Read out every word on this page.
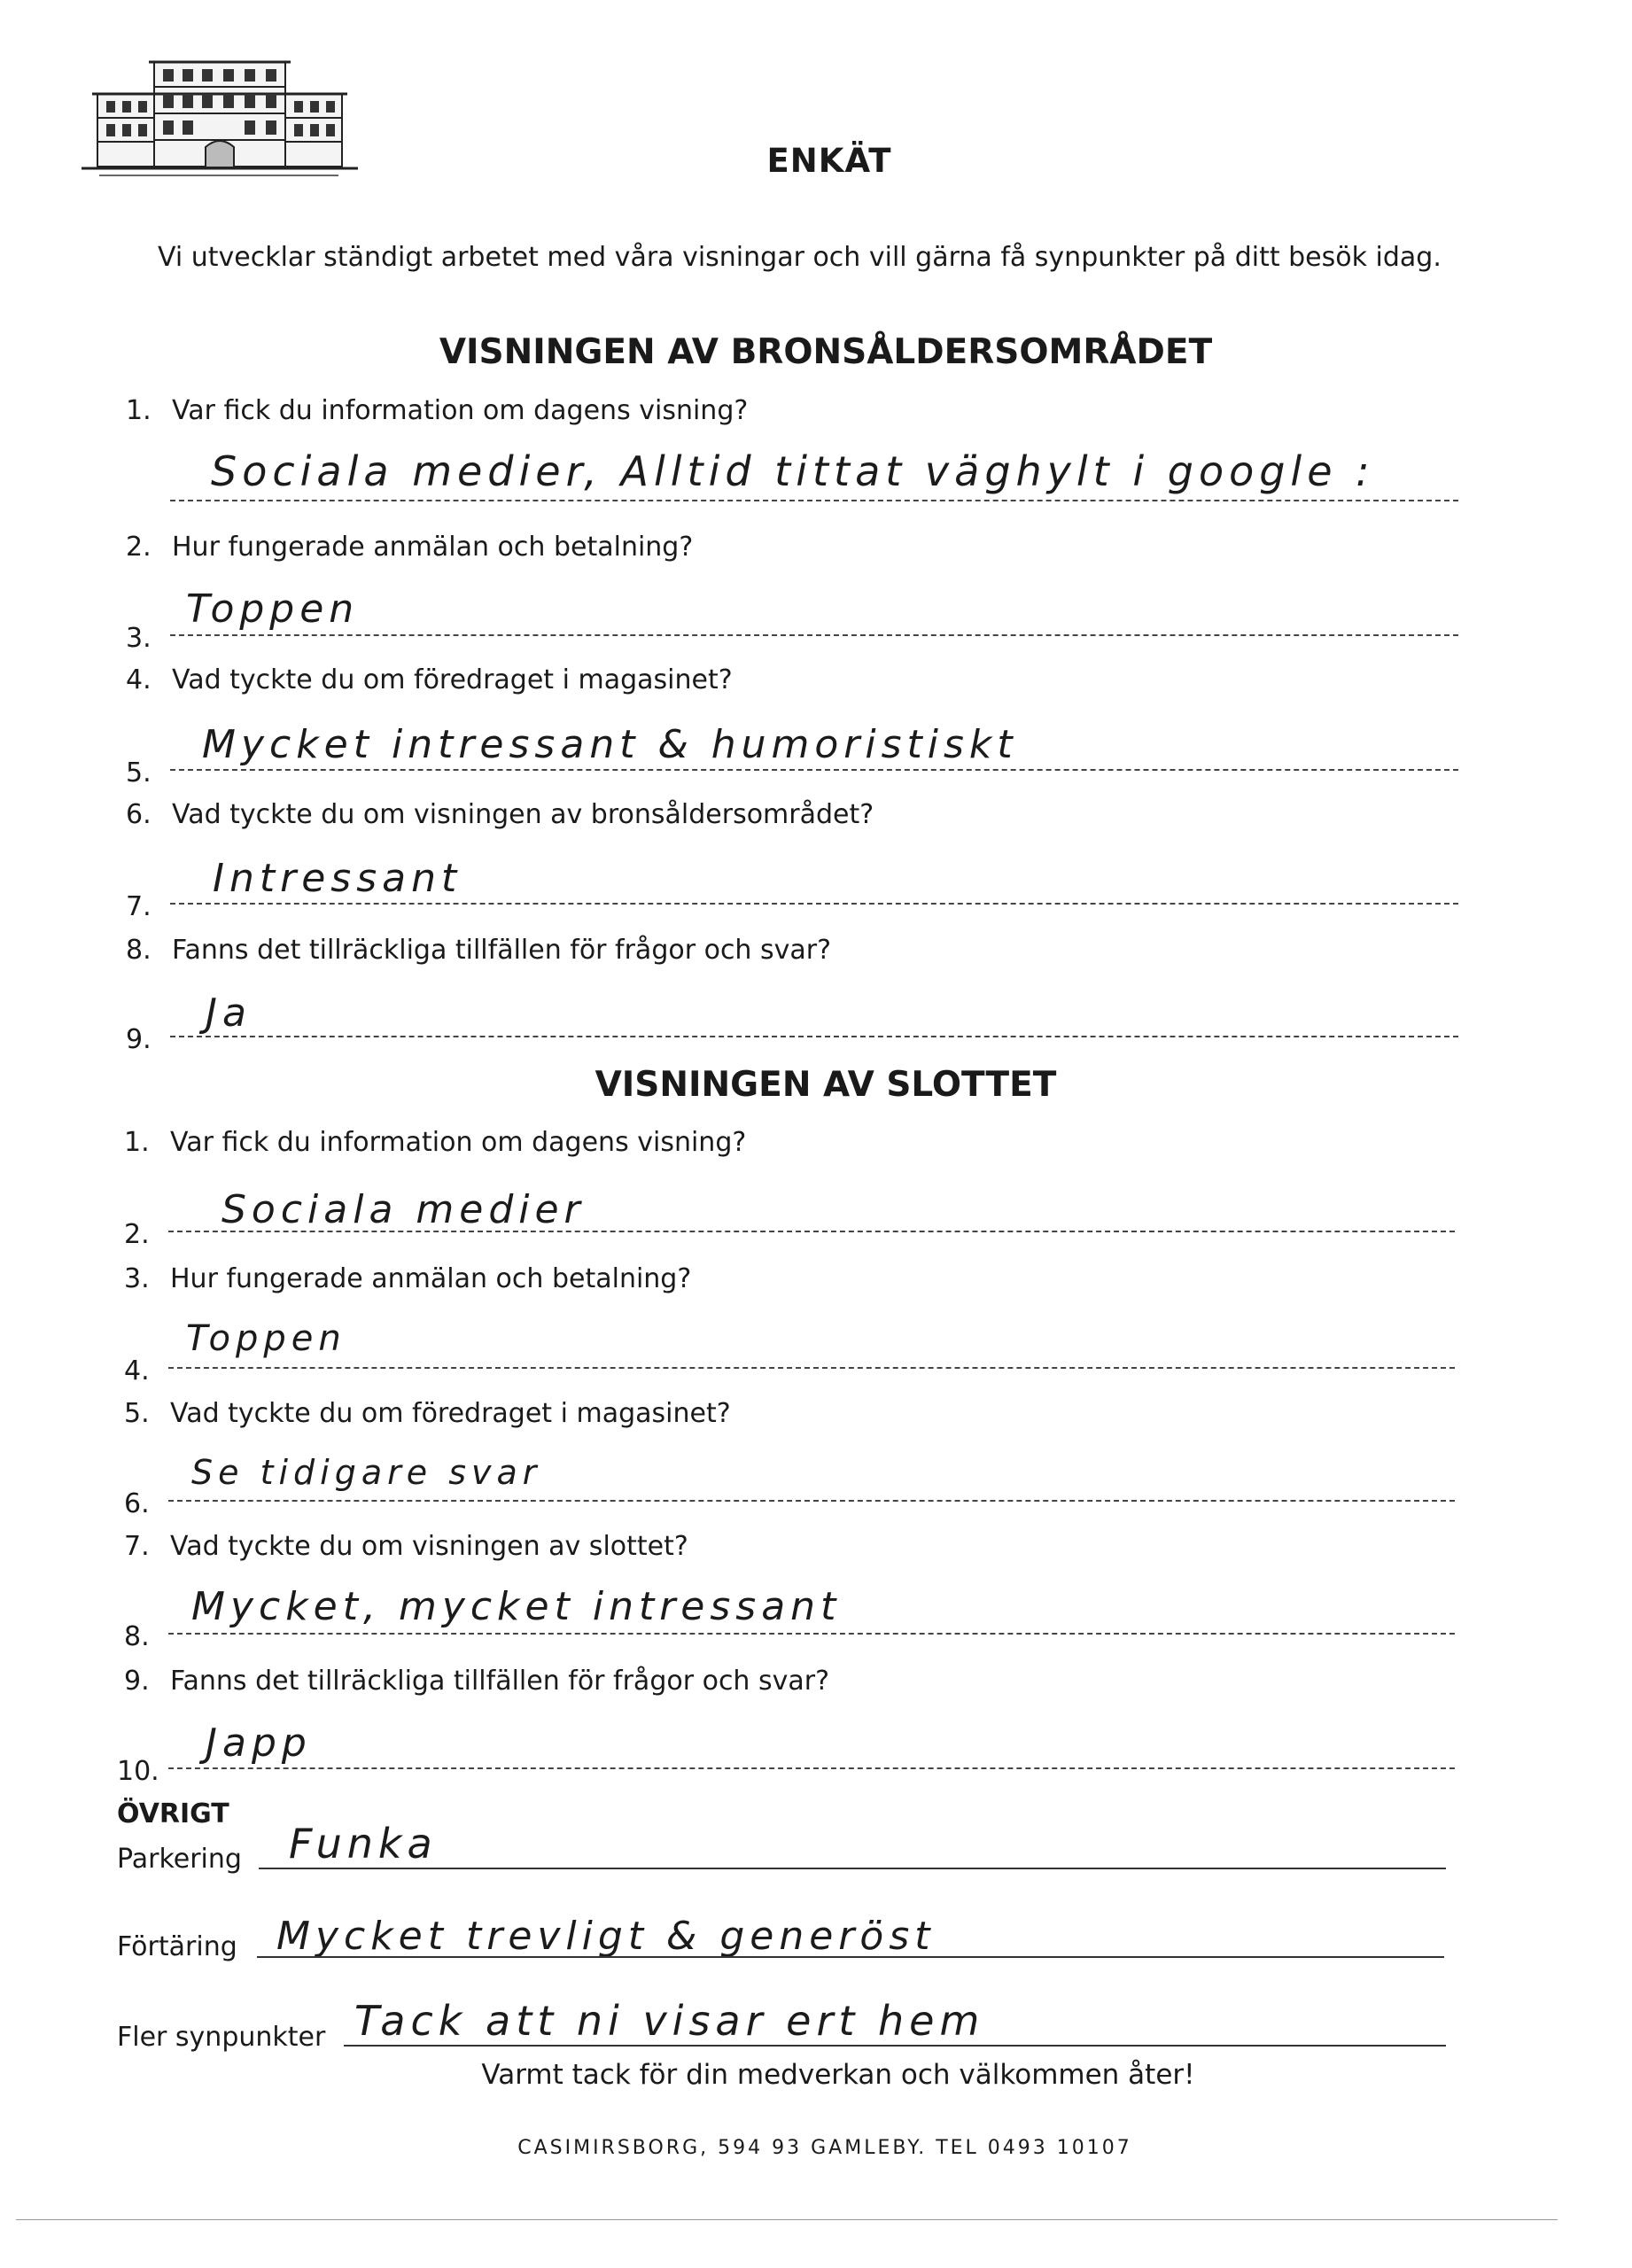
ENKÄT
Vi utvecklar ständigt arbetet med våra visningar och vill gärna få synpunkter på ditt besök idag.
VISNINGEN AV BRONSÅLDERSOMRÅDET
1. Var fick du information om dagens visning?
Sociala medier, Alltid tittat väghylt i google :
2. Hur fungerade anmälan och betalning?
Toppen
3.
4. Vad tyckte du om föredraget i magasinet?
Mycket intressant & humoristiskt
5.
6. Vad tyckte du om visningen av bronsåldersområdet?
Intressant
7.
8. Fanns det tillräckliga tillfällen för frågor och svar?
Ja
9.
VISNINGEN AV SLOTTET
1. Var fick du information om dagens visning?
Sociala medier
2.
3. Hur fungerade anmälan och betalning?
Toppen
4.
5. Vad tyckte du om föredraget i magasinet?
Se tidigare svar
6.
7. Vad tyckte du om visningen av slottet?
Mycket, mycket intressant
8.
9. Fanns det tillräckliga tillfällen för frågor och svar?
Japp
10.
ÖVRIGT
Parkering Funka
Förtäring Mycket trevligt & generöst
Fler synpunkter Tack att ni visar ert hem
Varmt tack för din medverkan och välkommen åter!
CASIMIRSBORG, 594 93 GAMLEBY. TEL 0493 10107
